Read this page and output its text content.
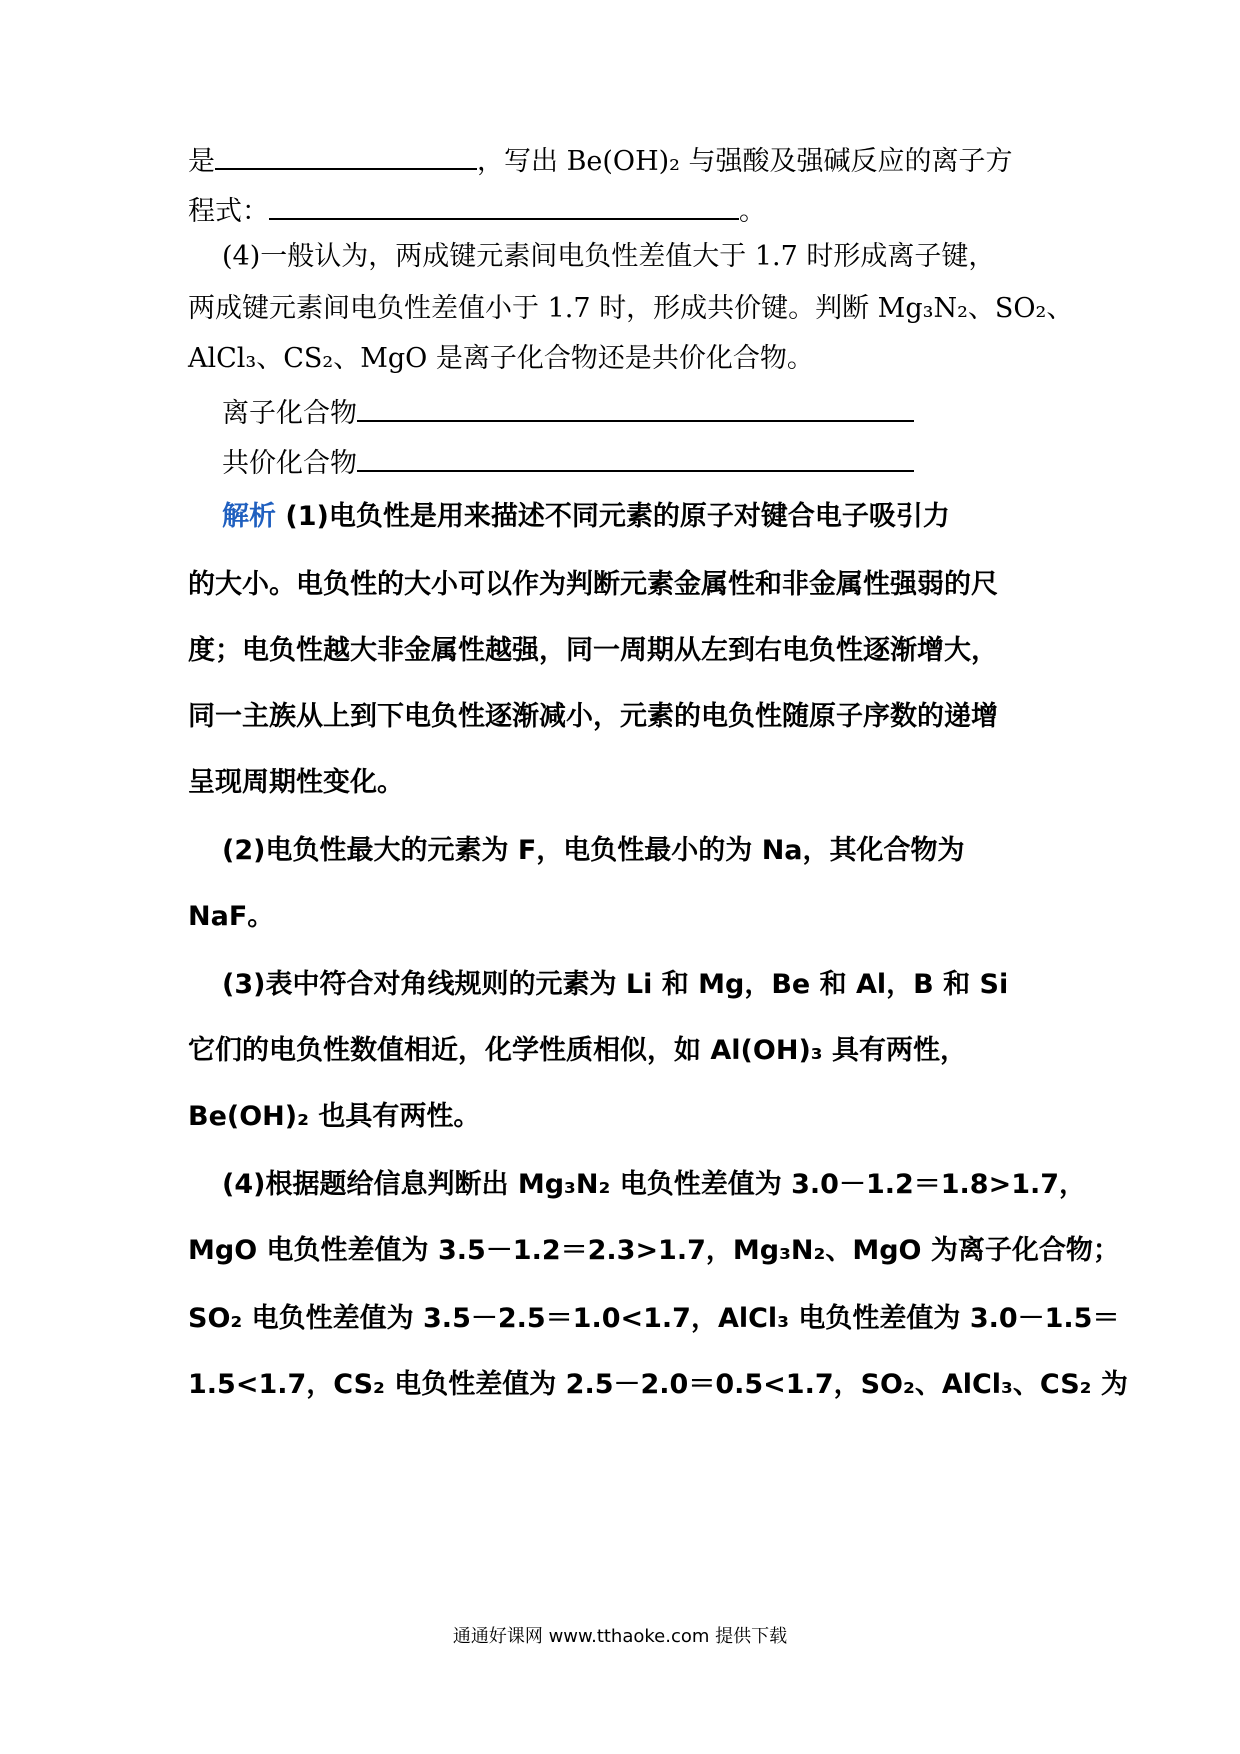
是	，写出 Be(OH)₂ 与强酸及强碱反应的离子方
程式：	。
(4)一般认为，两成键元素间电负性差值大于 1.7 时形成离子键，
两成键元素间电负性差值小于 1.7 时，形成共价键。判断 Mg₃N₂、SO₂、
AlCl₃、CS₂、MgO 是离子化合物还是共价化合物。
离子化合物
共价化合物
解析 (1)电负性是用来描述不同元素的原子对键合电子吸引力
的大小。电负性的大小可以作为判断元素金属性和非金属性强弱的尺
度；电负性越大非金属性越强，同一周期从左到右电负性逐渐增大，
同一主族从上到下电负性逐渐减小，元素的电负性随原子序数的递增
呈现周期性变化。
(2)电负性最大的元素为 F，电负性最小的为 Na，其化合物为
NaF。
(3)表中符合对角线规则的元素为 Li 和 Mg，Be 和 Al，B 和 Si
它们的电负性数值相近，化学性质相似，如 Al(OH)₃ 具有两性，
Be(OH)₂ 也具有两性。
(4)根据题给信息判断出 Mg₃N₂ 电负性差值为 3.0－1.2＝1.8>1.7，
MgO 电负性差值为 3.5－1.2＝2.3>1.7，Mg₃N₂、MgO 为离子化合物；
SO₂ 电负性差值为 3.5－2.5＝1.0<1.7，AlCl₃ 电负性差值为 3.0－1.5＝
1.5<1.7，CS₂ 电负性差值为 2.5－2.0＝0.5<1.7，SO₂、AlCl₃、CS₂ 为
通通好课网 www.tthaoke.com 提供下载
